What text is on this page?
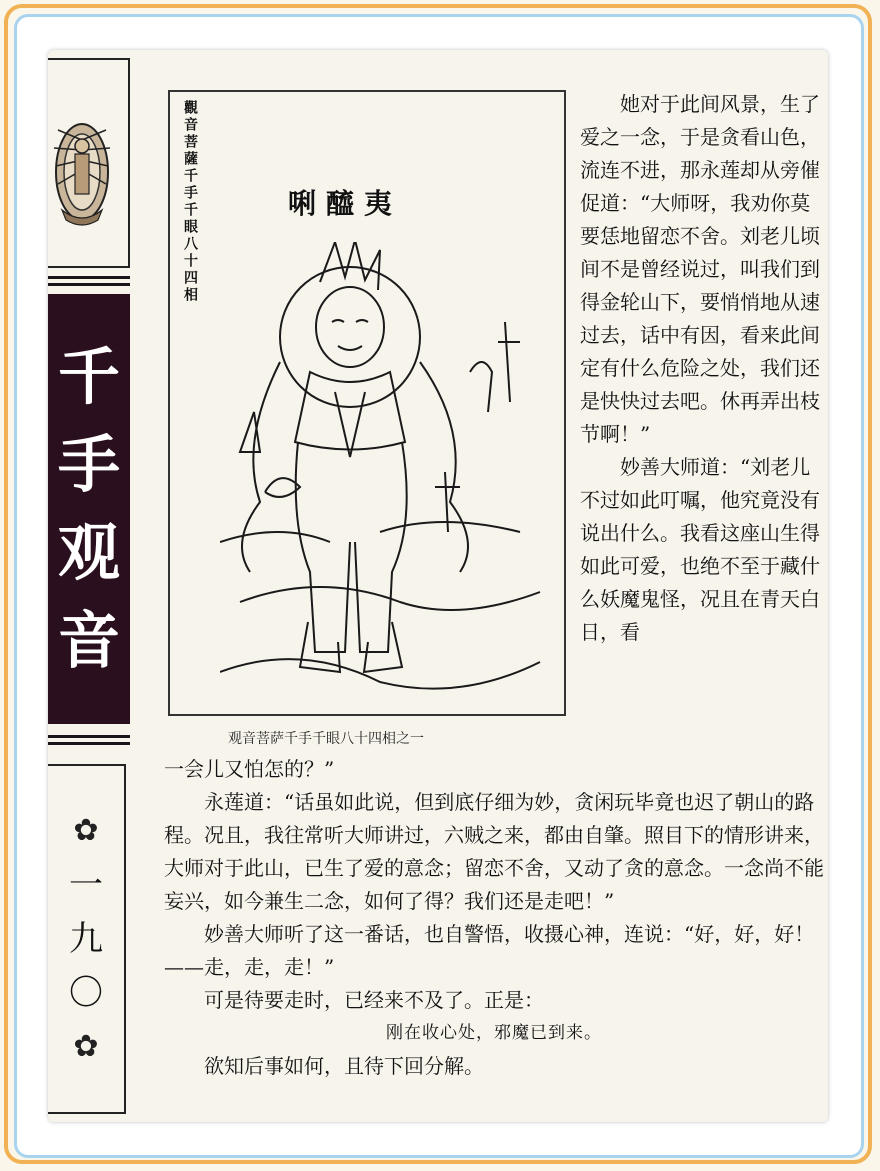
千
手
观
音
✿
一
九
〇
✿
觀音菩薩千手千眼八十四相	唎醯夷
观音菩萨千手千眼八十四相之一

她对于此间风景，生了爱之一念，于是贪看山色，流连不进，那永莲却从旁催促道：“大师呀，我劝你莫要恁地留恋不舍。刘老儿顷间不是曾经说过，叫我们到得金轮山下，要悄悄地从速过去，话中有因，看来此间定有什么危险之处，我们还是快快过去吧。休再弄出枝节啊！”

妙善大师道：“刘老儿不过如此叮嘱，他究竟没有说出什么。我看这座山生得如此可爱，也绝不至于藏什么妖魔鬼怪，况且在青天白日，看

一会儿又怕怎的？”

永莲道：“话虽如此说，但到底仔细为妙，贪闲玩毕竟也迟了朝山的路程。况且，我往常听大师讲过，六贼之来，都由自肇。照目下的情形讲来，大师对于此山，已生了爱的意念；留恋不舍，又动了贪的意念。一念尚不能妄兴，如今兼生二念，如何了得？我们还是走吧！”

妙善大师听了这一番话，也自警悟，收摄心神，连说：“好，好，好！——走，走，走！”

可是待要走时，已经来不及了。正是：

刚在收心处，邪魔已到来。

欲知后事如何，且待下回分解。
